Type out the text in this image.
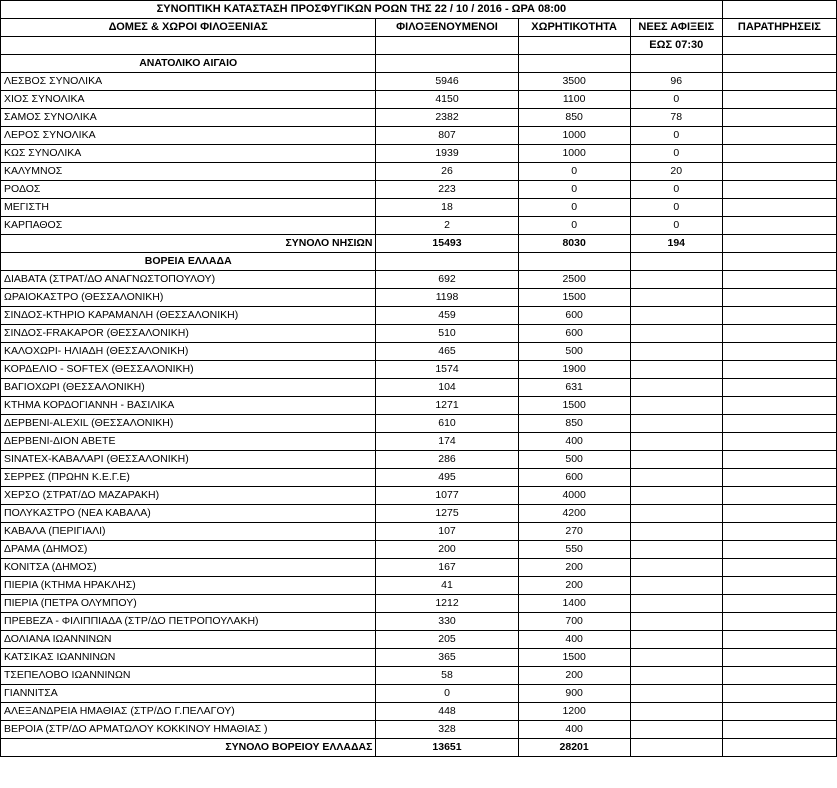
ΣΥΝΟΠΤΙΚΗ ΚΑΤΑΣΤΑΣΗ ΠΡΟΣΦΥΓΙΚΩΝ ΡΟΩΝ ΤΗΣ 22 / 10 / 2016 - ΩΡΑ 08:00				
ΔΟΜΕΣ & ΧΩΡΟΙ ΦΙΛΟΞΕΝΙΑΣ	ΦΙΛΟΞΕΝΟΥΜΕΝΟΙ	ΧΩΡΗΤΙΚΟΤΗΤΑ	ΝΕΕΣ ΑΦΙΞΕΙΣ	ΠΑΡΑΤΗΡΗΣΕΙΣ
			ΕΩΣ 07:30	
ΑΝΑΤΟΛΙΚΟ ΑΙΓΑΙΟ				
ΛΕΣΒΟΣ ΣΥΝΟΛΙΚΑ	5946	3500	96	
ΧΙΟΣ ΣΥΝΟΛΙΚΑ	4150	1100	0	
ΣΑΜΟΣ ΣΥΝΟΛΙΚΑ	2382	850	78	
ΛΕΡΟΣ ΣΥΝΟΛΙΚΑ	807	1000	0	
ΚΩΣ ΣΥΝΟΛΙΚΑ	1939	1000	0	
ΚΑΛΥΜΝΟΣ	26	0	20	
ΡΟΔΟΣ	223	0	0	
ΜΕΓΙΣΤΗ	18	0	0	
ΚΑΡΠΑΘΟΣ	2	0	0	
ΣΥΝΟΛΟ ΝΗΣΙΩΝ	15493	8030	194	
ΒΟΡΕΙΑ ΕΛΛΑΔΑ				
ΔΙΑΒΑΤΑ (ΣΤΡΑΤ/ΔΟ ΑΝΑΓΝΩΣΤΟΠΟΥΛΟΥ)	692	2500		
ΩΡΑΙΟΚΑΣΤΡΟ (ΘΕΣΣΑΛΟΝΙΚΗ)	1198	1500		
ΣΙΝΔΟΣ-ΚΤΗΡΙΟ ΚΑΡΑΜΑΝΛΗ (ΘΕΣΣΑΛΟΝΙΚΗ)	459	600		
ΣΙΝΔΟΣ-FRAKAPOR (ΘΕΣΣΑΛΟΝΙΚΗ)	510	600		
ΚΑΛΟΧΩΡΙ- ΗΛΙΑΔΗ (ΘΕΣΣΑΛΟΝΙΚΗ)	465	500		
ΚΟΡΔΕΛΙΟ - SOFTEX (ΘΕΣΣΑΛΟΝΙΚΗ)	1574	1900		
ΒΑΓΙΟΧΩΡΙ (ΘΕΣΣΑΛΟΝΙΚΗ)	104	631		
ΚΤΗΜΑ ΚΟΡΔΟΓΙΑΝΝΗ - ΒΑΣΙΛΙΚΑ	1271	1500		
ΔΕΡΒΕΝΙ-ALEXIL (ΘΕΣΣΑΛΟΝΙΚΗ)	610	850		
ΔΕΡΒΕΝΙ-ΔΙΟΝ ΑΒΕΤΕ	174	400		
SINATEX-ΚΑΒΑΛΑΡΙ (ΘΕΣΣΑΛΟΝΙΚΗ)	286	500		
ΣΕΡΡΕΣ (ΠΡΩΗΝ Κ.Ε.Γ.Ε)	495	600		
ΧΕΡΣΟ (ΣΤΡΑΤ/ΔΟ ΜΑΖΑΡΑΚΗ)	1077	4000		
ΠΟΛΥΚΑΣΤΡΟ (ΝΕΑ ΚΑΒΑΛΑ)	1275	4200		
ΚΑΒΑΛΑ (ΠΕΡΙΓΙΑΛΙ)	107	270		
ΔΡΑΜΑ (ΔΗΜΟΣ)	200	550		
ΚΟΝΙΤΣΑ (ΔΗΜΟΣ)	167	200		
ΠΙΕΡΙΑ (ΚΤΗΜΑ ΗΡΑΚΛΗΣ)	41	200		
ΠΙΕΡΙΑ (ΠΕΤΡΑ ΟΛΥΜΠΟΥ)	1212	1400		
ΠΡΕΒΕΖΑ - ΦΙΛΙΠΠΙΑΔΑ (ΣΤΡ/ΔΟ ΠΕΤΡΟΠΟΥΛΑΚΗ)	330	700		
ΔΟΛΙΑΝΑ ΙΩΑΝΝΙΝΩΝ	205	400		
ΚΑΤΣΙΚΑΣ ΙΩΑΝΝΙΝΩΝ	365	1500		
ΤΣΕΠΕΛΟΒΟ ΙΩΑΝΝΙΝΩΝ	58	200		
ΓΙΑΝΝΙΤΣΑ	0	900		
ΑΛΕΞΑΝΔΡΕΙΑ ΗΜΑΘΙΑΣ (ΣΤΡ/ΔΟ Γ.ΠΕΛΑΓΟΥ)	448	1200		
ΒΕΡΟΙΑ (ΣΤΡ/ΔΟ ΑΡΜΑΤΩΛΟΥ ΚΟΚΚΙΝΟΥ ΗΜΑΘΙΑΣ )	328	400		
ΣΥΝΟΛΟ ΒΟΡΕΙΟΥ ΕΛΛΑΔΑΣ	13651	28201		
